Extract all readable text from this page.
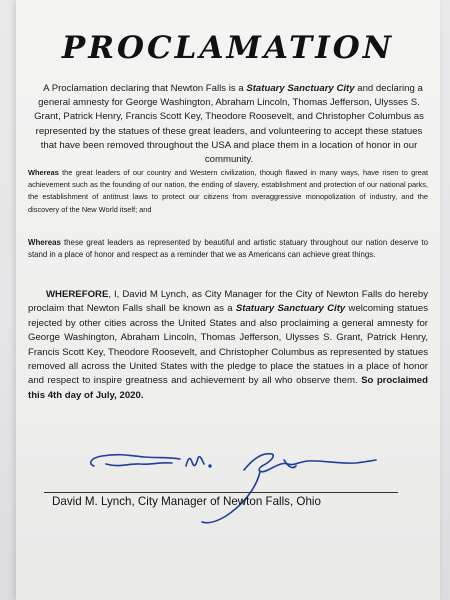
PROCLAMATION

A Proclamation declaring that Newton Falls is a Statuary Sanctuary City and declaring a general amnesty for George Washington, Abraham Lincoln, Thomas Jefferson, Ulysses S. Grant, Patrick Henry, Francis Scott Key, Theodore Roosevelt, and Christopher Columbus as represented by the statues of these great leaders, and volunteering to accept these statues that have been removed throughout the USA and place them in a location of honor in our community.

Whereas the great leaders of our country and Western civilization, though flawed in many ways, have risen to great achievement such as the founding of our nation, the ending of slavery, establishment and protection of our national parks, the establishment of antitrust laws to protect our citizens from overaggressive monopolization of industry, and the discovery of the New World itself; and

Whereas these great leaders as represented by beautiful and artistic statuary throughout our nation deserve to stand in a place of honor and respect as a reminder that we as Americans can achieve great things.

WHEREFORE, I, David M Lynch, as City Manager for the City of Newton Falls do hereby proclaim that Newton Falls shall be known as a Statuary Sanctuary City welcoming statues rejected by other cities across the United States and also proclaiming a general amnesty for George Washington, Abraham Lincoln, Thomas Jefferson, Ulysses S. Grant, Patrick Henry, Francis Scott Key, Theodore Roosevelt, and Christopher Columbus as represented by statues removed all across the United States with the pledge to place the statues in a place of honor and respect to inspire greatness and achievement by all who observe them. So proclaimed this 4th day of July, 2020.

David M. Lynch, City Manager of Newton Falls, Ohio
